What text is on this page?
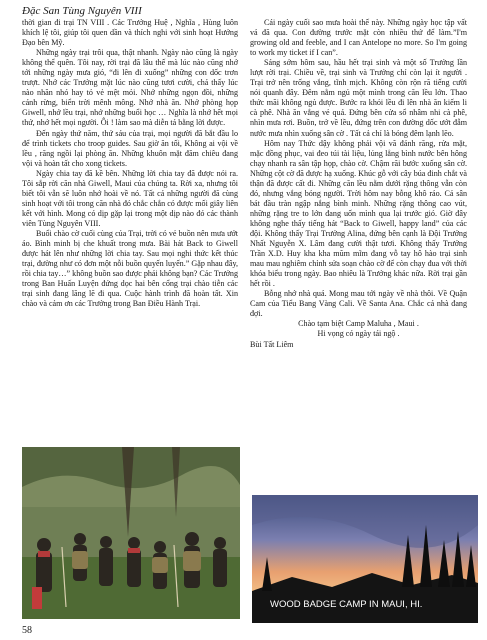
Đặc San Tùng Nguyên VIII

thời gian đi trại TN VIII . Các Trưởng Huệ , Nghĩa , Hùng luôn khích lệ tôi, giúp tôi quen dần và thích nghi với sinh hoạt Hướng Đạo bên Mỹ.

Những ngày trại trôi qua, thật nhanh. Ngày nào cũng là ngày không thể quên. Tôi nay, rời trại đã lâu thế mà lúc nào cũng nhớ tới những ngày mưa gió, “đi lên đi xuống” những con dốc trơn trượt. Nhớ các Trưởng mặt lúc nào cũng tươi cười, chả thấy lúc nào nhăn nhó hay tỏ vẻ mệt mỏi. Nhớ những ngọn đồi, những cánh rừng, biển trời mênh mông. Nhớ nhà ăn. Nhớ phòng họp Giwell, nhớ lều trại, nhớ những buổi học … Nghĩa là nhớ hết mọi thứ, nhớ hết mọi người. Ôi ! làm sao mà diễn tả bằng lời được.

Đến ngày thứ năm, thứ sáu của trại, mọi người đã bắt đầu lo để trình tickets cho troop guides. Sau giờ ăn tối, Không ai vội về lều , răng ngồi lại phòng ăn. Những khuôn mặt đăm chiêu đang vội và hoàn tất cho xong tickets.

Ngày chia tay đã kề bên. Những lời chia tay đã được nói ra. Tôi sắp rời căn nhà Giwell, Maui của chúng ta. Rời xa, nhưng tôi biết tôi vẫn sẽ luôn nhớ hoài về nó. Tất cả những người đã cùng sinh hoạt với tôi trong căn nhà đó chắc chắn có được mối giây liên kết với hình. Mong có dịp gặp lại trong một dịp nào đó các thành viên Tùng Nguyên VIII.

Buổi chào cờ cuối cùng của Trại, trời có vẻ buồn nên mưa ướt áo. Bình minh bị che khuất trong mưa. Bài hát Back to Giwell được hát lên như những lời chia tay. Sau mọi nghi thức kết thúc trại, đường như có đơn một nỗi buồn quyến luyến.” Gặp nhau đây, rồi chia tay…” không buồn sao được phải không bạn? Các Trưởng trong Ban Huấn Luyện đứng dọc hai bên cổng trại chào tiễn các trại sinh đang lăng lẽ đi qua. Cuộc hành trình đã hoàn tất. Xin chào và cảm ơn các Trưởng trong Ban Điều Hành Trại.

Cái ngày cuối sao mưa hoài thế này. Những ngày học tập vất vả đã qua. Con đường trước mặt còn nhiều thứ để làm.”I'm growing old and feeble, and I can Antelope no more. So I'm going to work my ticket if I can”.

Sáng sớm hôm sau, hầu hết trại sinh và một số Trưởng lần lượt rời trại. Chiều về, trại sinh và Trưởng chỉ còn lại ít người . Trại trở nên trống vắng, tĩnh mịch. Không còn rộn rã tiếng cười nói quanh đây. Đêm nằm ngủ một mình trong căn lều lớn. Thao thức mãi không ngủ được. Bước ra khỏi lều đi lên nhà ăn kiếm li cà phê. Nhà ăn vắng vẻ quá. Đứng bên cửa sổ nhâm nhi cà phê, nhìn mưa rơi. Buồn, trở về lều, đứng trên con đường dốc ướt đẫm nước mưa nhìn xuống sân cờ . Tất cả chỉ là bóng đêm lạnh lẽo.

Hôm nay Thức dậy không phải vội vã đánh răng, rửa mặt, mặc đồng phục, vai đeo túi tài liệu, lủng lẳng bình nước bên hông chạy nhanh ra sân tập họp, chào cờ. Chậm rãi bước xuống sân cờ. Những cột cờ đã được hạ xuống. Khúc gỗ với cây búa đinh chắt và thận đã được cất đi. Những căn lều nằm dưới rặng thông vẫn còn đó, nhưng vắng bóng người. Trời hôm nay bỗng khô ráo. Cả sân bát đầu tràn ngập nắng bình minh. Những rặng thông cao vút, những rặng tre to lớn đang uốn mình qua lại trước gió. Giờ đây không nghe thấy tiếng hát “Back to Giwell, happy land” của các đội. Không thấy Trại Trưởng Alina, đứng bên cạnh là Đội Trưởng Nhất Nguyễn X. Lâm đang cười thật tươi. Không thấy Trưởng Trần X.D. Huy kha kha mũm mĩm đang vỗ tay hô hào trại sinh mau mau nghiêm chỉnh sửa soạn chào cờ để còn chạy đua với thời khóa biểu trong ngày. Bao nhiêu là Trưởng khác nữa. Rời trại gần hết rồi .

Bỗng nhớ nhà quá. Mong mau tới ngày về nhà thôi. Về Quận Cam của Tiểu Bang Vàng Cali. Về Santa Ana. Chắc cả nhà đang đợi.

Chào tạm biệt Camp Maluha , Maui .

Hi vọng có ngày tái ngộ .

Bùi Tất Liêm

WOOD BADGE CAMP IN MAUI, HI.
58
